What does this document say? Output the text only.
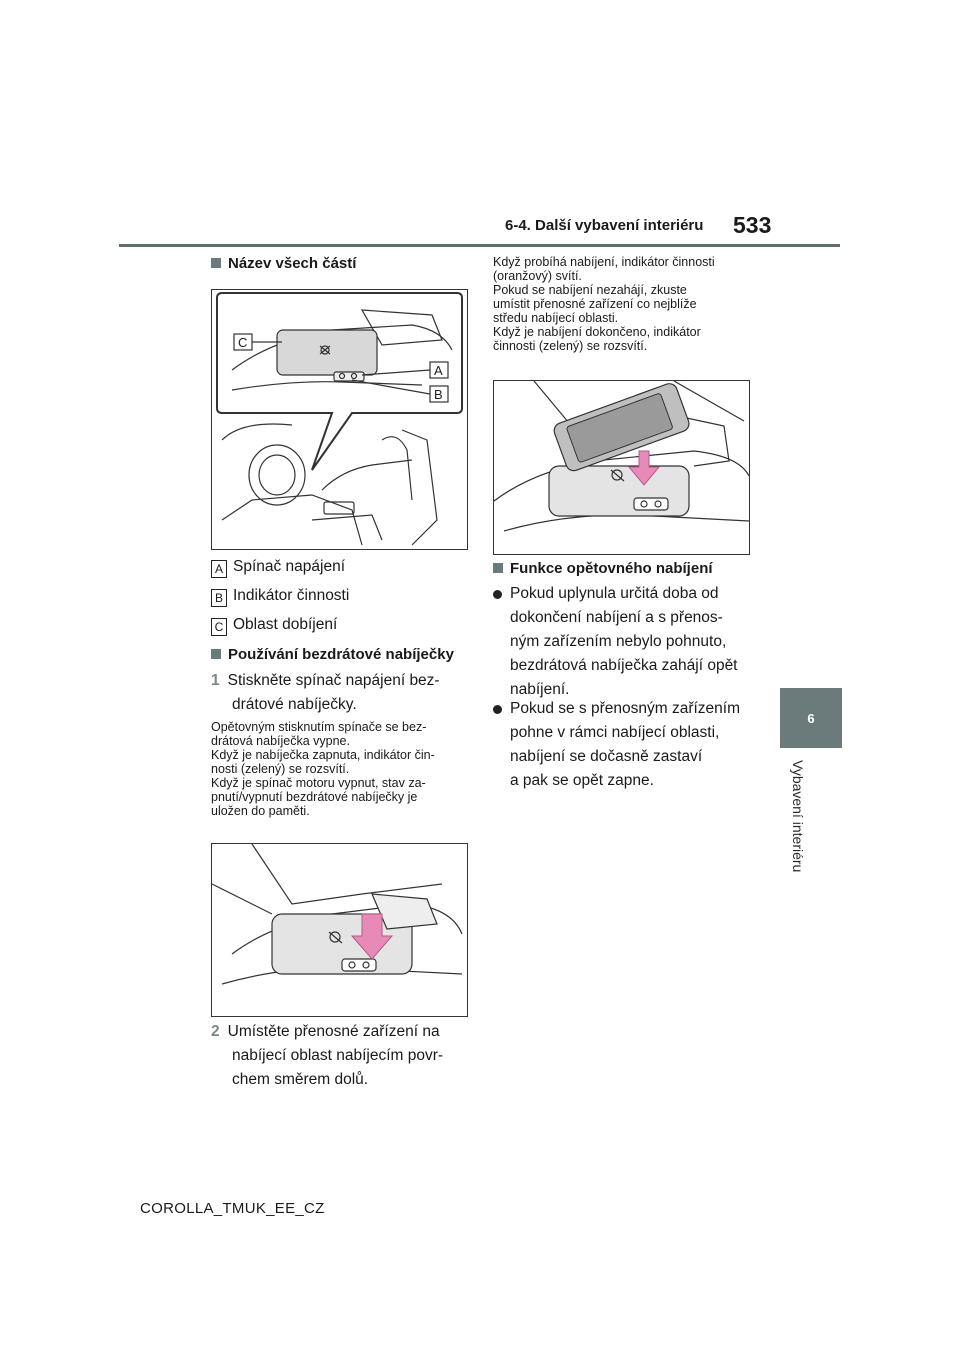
6-4. Další vybavení interiéru 533
6
Vybavení interiéru
Název všech částí
C
A
B
A Spínač napájení
B Indikátor činnosti
C Oblast dobíjení
Používání bezdrátové nabíječky
1 Stiskněte spínač napájení bez-
drátové nabíječky.
Opětovným stisknutím spínače se bez-
drátová nabíječka vypne.
Když je nabíječka zapnuta, indikátor čin-
nosti (zelený) se rozsvítí.
Když je spínač motoru vypnut, stav za-
pnutí/vypnutí bezdrátové nabíječky je
uložen do paměti.
2 Umístěte přenosné zařízení na
nabíjecí oblast nabíjecím povr-
chem směrem dolů.
Když probíhá nabíjení, indikátor činnosti
(oranžový) svítí.
Pokud se nabíjení nezahájí, zkuste
umístit přenosné zařízení co nejblíže
středu nabíjecí oblasti.
Když je nabíjení dokončeno, indikátor
činnosti (zelený) se rozsvítí.
Funkce opětovného nabíjení
Pokud uplynula určitá doba od
dokončení nabíjení a s přenos-
ným zařízením nebylo pohnuto,
bezdrátová nabíječka zahájí opět
nabíjení.
Pokud se s přenosným zařízením
pohne v rámci nabíjecí oblasti,
nabíjení se dočasně zastaví
a pak se opět zapne.
COROLLA_TMUK_EE_CZ
